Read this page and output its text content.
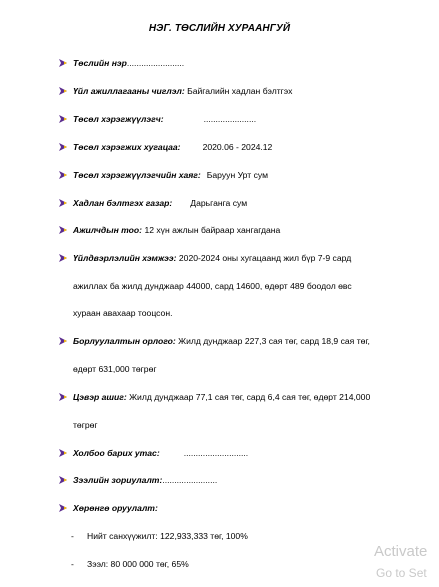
НЭГ. ТӨСЛИЙН ХУРААНГУЙ
Төслийн нэр........................
Үйл ажиллагааны чиглэл: Байгалийн хадлан бэлтгэх
Төсөл хэрэгжүүлэгч:	......................
Төсөл хэрэгжих хугацаа:	2020.06 - 2024.12
Төсөл хэрэгжүүлэгчийн хаяг: Баруун Урт сум
Хадлан бэлтгэх газар: Дарьганга сум
Ажилчдын тоо: 12 хүн ажлын байраар хангагдана
Үйлдвэрлэлийн хэмжээ: 2020-2024 оны хугацаанд жил бүр 7-9 сард
ажиллах ба жилд дунджаар 44000, сард 14600, өдөрт 489 боодол өвс
хураан авахаар тооцсон.
Борлуулалтын орлого: Жилд дунджаар 227,3 сая төг, сард 18,9 сая төг,
өдөрт 631,000 төгрөг
Цэвэр ашиг: Жилд дунджаар 77,1 сая төг, сард 6,4 сая төг, өдөрт 214,000
төгрөг
Холбоо барих утас:	...........................
Зээлийн зориулалт:.......................
Хөрөнгө оруулалт:
- Нийт санхүүжилт: 122,933,333 төг, 100%
- Зээл: 80 000 000 төг, 65%
Activate
Go to Set
